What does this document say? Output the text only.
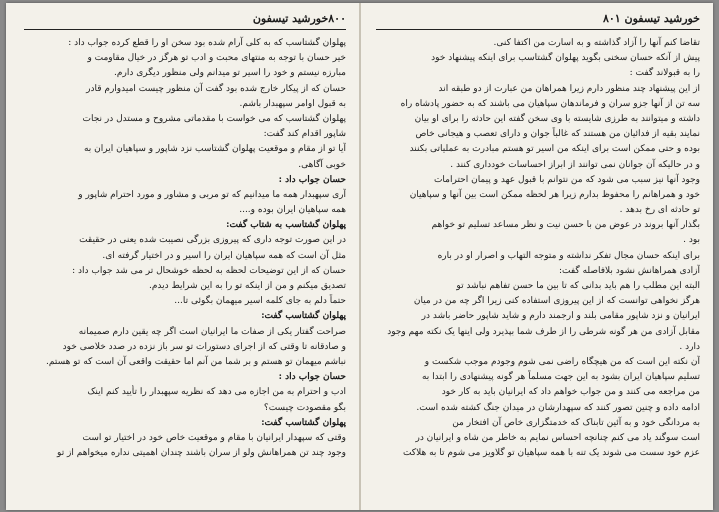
۸۰۰خورشید تیسفون
پهلوان گشتاسب که به کلی آرام شده بود سخن او را قطع کرده جواب داد :
خیر حسان با توجه به منتهای محبت و ادب تو هرگز در خیال مقاومت و
مبارزه نیستم و خود را اسیر تو میدانم ولی منظور دیگری دارم.
حسان که از پیکار خارج شده بود گفت آن منظور چیست امیدوارم قادر
به قبول اوامر سپهبدار باشم.
پهلوان گشتاسب که می خواست با مقدماتی مشروح و مستدل در نجات
شاپور اقدام کند گفت:
آیا تو از مقام و موقعیت پهلوان گشتاسب نزد شاپور و سپاهیان ایران به
خوبی آگاهی.
حسان جواب داد :
آری سپهبدار همه ما میدانیم که تو مربی و مشاور و مورد احترام شاپور و
همه سپاهیان ایران بوده و....
پهلوان گشتاسب به شتاب گفت:
در این صورت توجه داری که پیروزی بزرگی نصیبت شده یعنی در حقیقت
مثل آن است که همه سپاهیان ایران را اسیر و در اختیار گرفته ای.
حسان که از این توضیحات لحظه به لحظه خوشحال تر می شد جواب داد :
تصدیق میکنم و من از اینکه تو را به این شرایط دیدم.
حتماً دلم به جای کلمه اسیر میهمان بگوئی تا...
پهلوان گشتاسب گفت:
صراحت گفتار یکی از صفات ما ایرانیان است اگر چه یقین دارم صمیمانه
و صادقانه تا وقتی که از اجرای دستورات تو سر باز نزده در صدد خلاصی خود
نباشم میهمان تو هستم و بر شما من آنم اما حقیقت واقعی آن است که تو هستم.
حسان جواب داد :
ادب و احترام به من اجازه می دهد که نظریه سپهبدار را تأیید کنم اینک
بگو مقصودت چیست؟
پهلوان گشتاسب گفت:
وقتی که سپهدار ایرانیان با مقام و موقعیت خاص خود در اختیار تو است
وجود چند تن همراهانش ولو از سران باشند چندان اهمیتی نداره میخواهم از تو
خورشید تیسفون ۸۰۱
تقاضا کنم آنها را آزاد گذاشته و به اسارت من اکتفا کنی.
پیش از آنکه حسان سخنی بگوید پهلوان گشتاسب برای اینکه پیشنهاد خود
را به قبولاند گفت :
از این پیشنهاد چند منظور دارم زیرا همراهان من عبارت از دو طبقه اند
سه تن از آنها جزو سران و فرماندهان سپاهیان می باشند که به حضور پادشاه راه
داشته و میتوانند به طرزی شایسته با وی سخن گفته این حادثه را برای او بیان
نمایند بقیه از فدائیان من هستند که غالباً جوان و دارای تعصب و هیجانی خاص
بوده و حتی ممکن است برای اینکه من اسیر تو هستم مبادرت به عملیاتی بکنند
و در حالیکه آن جوانان نمی توانند از ابراز احساسات خودداری کنند .
وجود آنها نیز سبب می شود که من نتوانم با قبول عهد و پیمان احترامات
خود و همراهانم را محفوظ بدارم زیرا هر لحظه ممکن است بین آنها و سپاهیان
تو حادثه ای رخ بدهد .
بگذار آنها بروند در عوض من با حسن نیت و نظر مساعد تسلیم تو خواهم
بود .
برای اینکه حسان مجال تفکر نداشته و متوجه التهاب و اصرار او در باره
آزادی همراهانش نشود بلافاصله گفت:
البته این مطلب را هم باید بدانی که تا بین ما حسن تفاهم نباشد تو
هرگز نخواهی توانست که از این پیروزی استفاده کنی زیرا اگر چه من در میان
ایرانیان و نزد شاپور مقامی بلند و ارجمند دارم و شاید شاپور حاضر باشد در
مقابل آزادی من هر گونه شرطی را از طرف شما بپذیرد ولی اینها یک نکته مهم وجود
دارد .
آن نکته این است که من هیچگاه راضی نمی شوم وجودم موجب شکست و
تسلیم سپاهیان ایران بشود به این جهت مسلماً هر گونه پیشنهادی را ابتدا به
من مراجعه می کنند و من جواب خواهم داد که ایرانیان باید به کار خود
ادامه داده و چنین تصور کنند که سپهدارشان در میدان جنگ کشته شده است.
به مردانگی خود و به آئین تابناک که خدمتگزاری خاص آن افتخار من
است سوگند یاد می کنم چنانچه احساس نمایم به خاطر من شاه و ایرانیان در
عزم خود سست می شوند یک تنه با همه سپاهیان تو گلاویز می شوم تا به هلاکت
